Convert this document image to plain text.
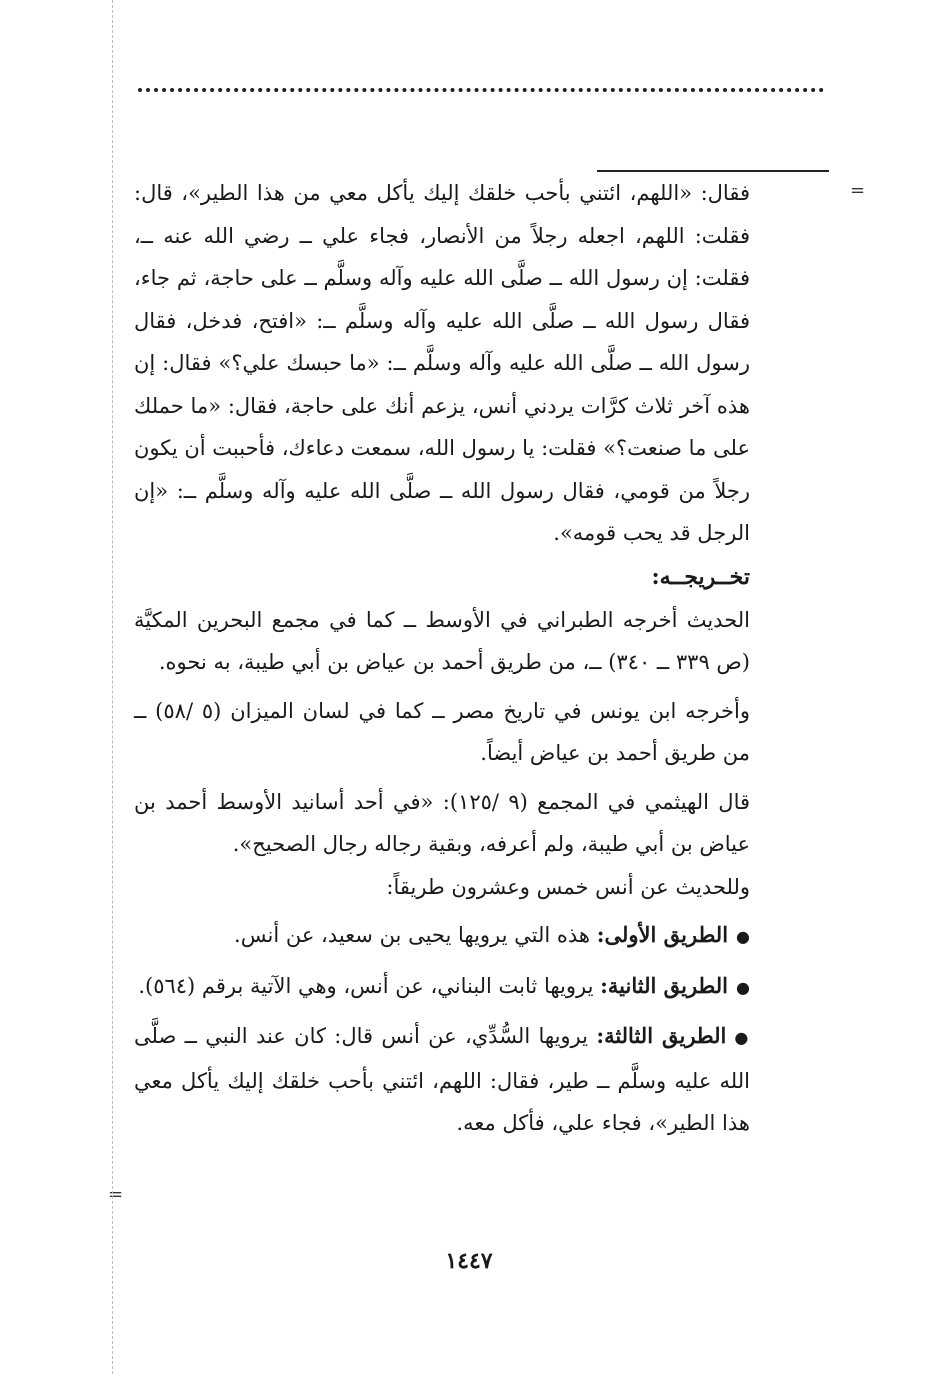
=
=

فقال: «اللهم، ائتني بأحب خلقك إليك يأكل معي من هذا الطير»، قال: فقلت: اللهم، اجعله رجلاً من الأنصار، فجاء علي ــ رضي الله عنه ــ، فقلت: إن رسول الله ــ صلَّى الله عليه وآله وسلَّم ــ على حاجة، ثم جاء، فقال رسول الله ــ صلَّى الله عليه وآله وسلَّم ــ: «افتح، فدخل، فقال رسول الله ــ صلَّى الله عليه وآله وسلَّم ــ: «ما حبسك علي؟» فقال: إن هذه آخر ثلاث كرَّات يردني أنس، يزعم أنك على حاجة، فقال: «ما حملك على ما صنعت؟» فقلت: يا رسول الله، سمعت دعاءك، فأحببت أن يكون رجلاً من قومي، فقال رسول الله ــ صلَّى الله عليه وآله وسلَّم ــ: «إن الرجل قد يحب قومه».

تخــريجــه:

الحديث أخرجه الطبراني في الأوسط ــ كما في مجمع البحرين المكيَّة (ص ٣٣٩ ــ ٣٤٠) ــ، من طريق أحمد بن عياض بن أبي طيبة، به نحوه.

وأخرجه ابن يونس في تاريخ مصر ــ كما في لسان الميزان (٥ /٥٨) ــ من طريق أحمد بن عياض أيضاً.

قال الهيثمي في المجمع (٩ /١٢٥): «في أحد أسانيد الأوسط أحمد بن عياض بن أبي طيبة، ولم أعرفه، وبقية رجاله رجال الصحيح».

وللحديث عن أنس خمس وعشرون طريقاً:

●الطريق الأولى: هذه التي يرويها يحيى بن سعيد، عن أنس.

●الطريق الثانية: يرويها ثابت البناني، عن أنس، وهي الآتية برقم (٥٦٤).

●الطريق الثالثة: يرويها السُّدِّي، عن أنس قال: كان عند النبي ــ صلَّى الله عليه وسلَّم ــ طير، فقال: اللهم، ائتني بأحب خلقك إليك يأكل معي هذا الطير»، فجاء علي، فأكل معه.

١٤٤٧
